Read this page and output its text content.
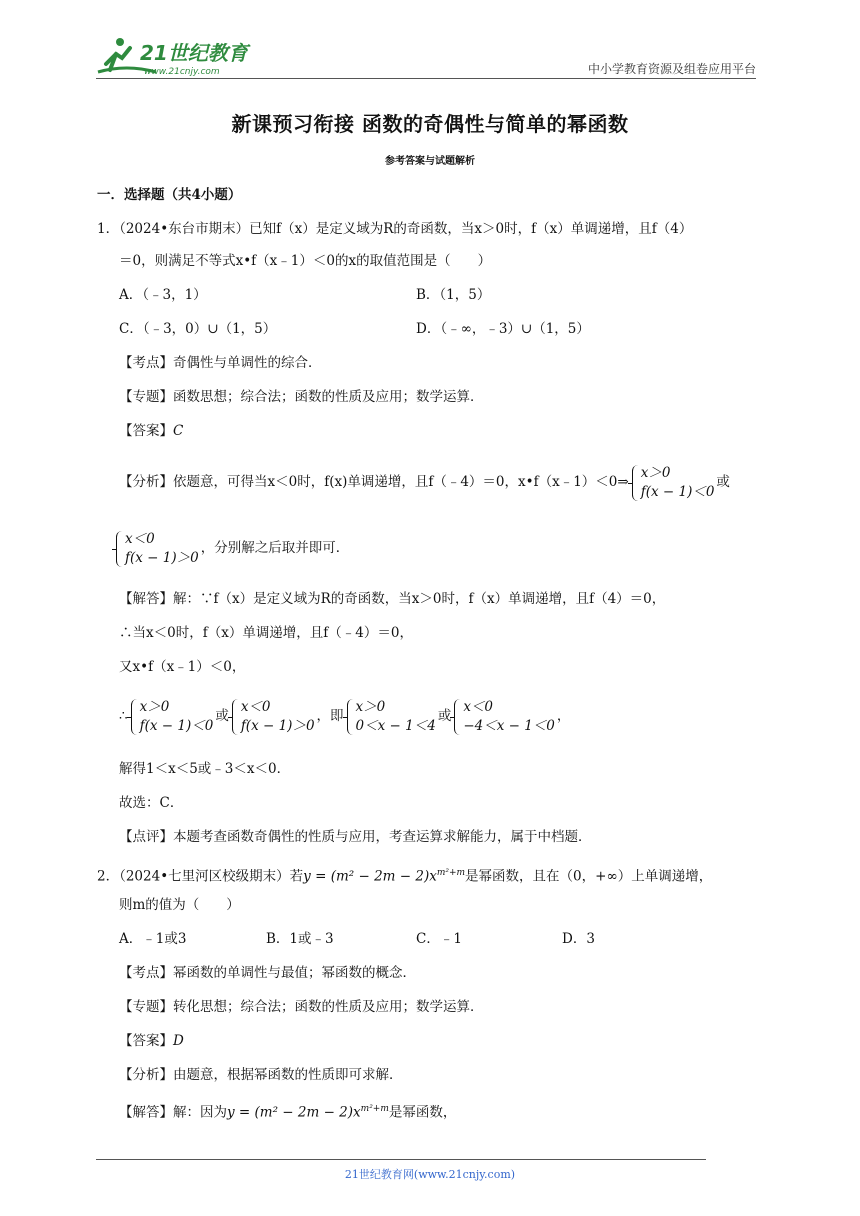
21世纪教育
www.21cnjy.com	中小学教育资源及组卷应用平台
新课预习衔接 函数的奇偶性与简单的幂函数
参考答案与试题解析
一．选择题（共4小题）
1．（2024•东台市期末）已知f（x）是定义域为R的奇函数，当x＞0时，f（x）单调递增，且f（4）
＝0，则满足不等式x•f（x﹣1）＜0的x的取值范围是（　　）
A．（﹣3，1）	B．（1，5）
C．（﹣3，0）∪（1，5）	D．（﹣∞，﹣3）∪（1，5）
【考点】奇偶性与单调性的综合．
【专题】函数思想；综合法；函数的性质及应用；数学运算．
【答案】C
【分析】依题意，可得当x＜0时，f(x)单调递增，且f（﹣4）＝0，x•f（x﹣1）＜0⇒
x＞0
f(x − 1)＜0
或
x＜0
f(x − 1)＞0
，分别解之后取并即可．
【解答】解：∵f（x）是定义域为R的奇函数，当x＞0时，f（x）单调递增，且f（4）＝0，
∴当x＜0时，f（x）单调递增，且f（﹣4）＝0，
又x•f（x﹣1）＜0，
∴
x＞0
f(x − 1)＜0
或
x＜0
f(x − 1)＞0
，即
x＞0
0＜x − 1＜4
或
x＜0
−4＜x − 1＜0
，
解得1＜x＜5或﹣3＜x＜0．
故选：C．
【点评】本题考查函数奇偶性的性质与应用，考查运算求解能力，属于中档题．
2．（2024•七里河区校级期末）若$y = (m^2 - 2m - 2)x^{m^2+m}$是幂函数，且在（0，+∞）上单调递增，
则m的值为（　　）
A．﹣1或3	B．1或﹣3	C．﹣1	D．3
【考点】幂函数的单调性与最值；幂函数的概念．
【专题】转化思想；综合法；函数的性质及应用；数学运算．
【答案】D
【分析】由题意，根据幂函数的性质即可求解．
【解答】解：因为$y = (m^2 - 2m - 2)x^{m^2+m}$是幂函数，
21世纪教育网(www.21cnjy.com)
